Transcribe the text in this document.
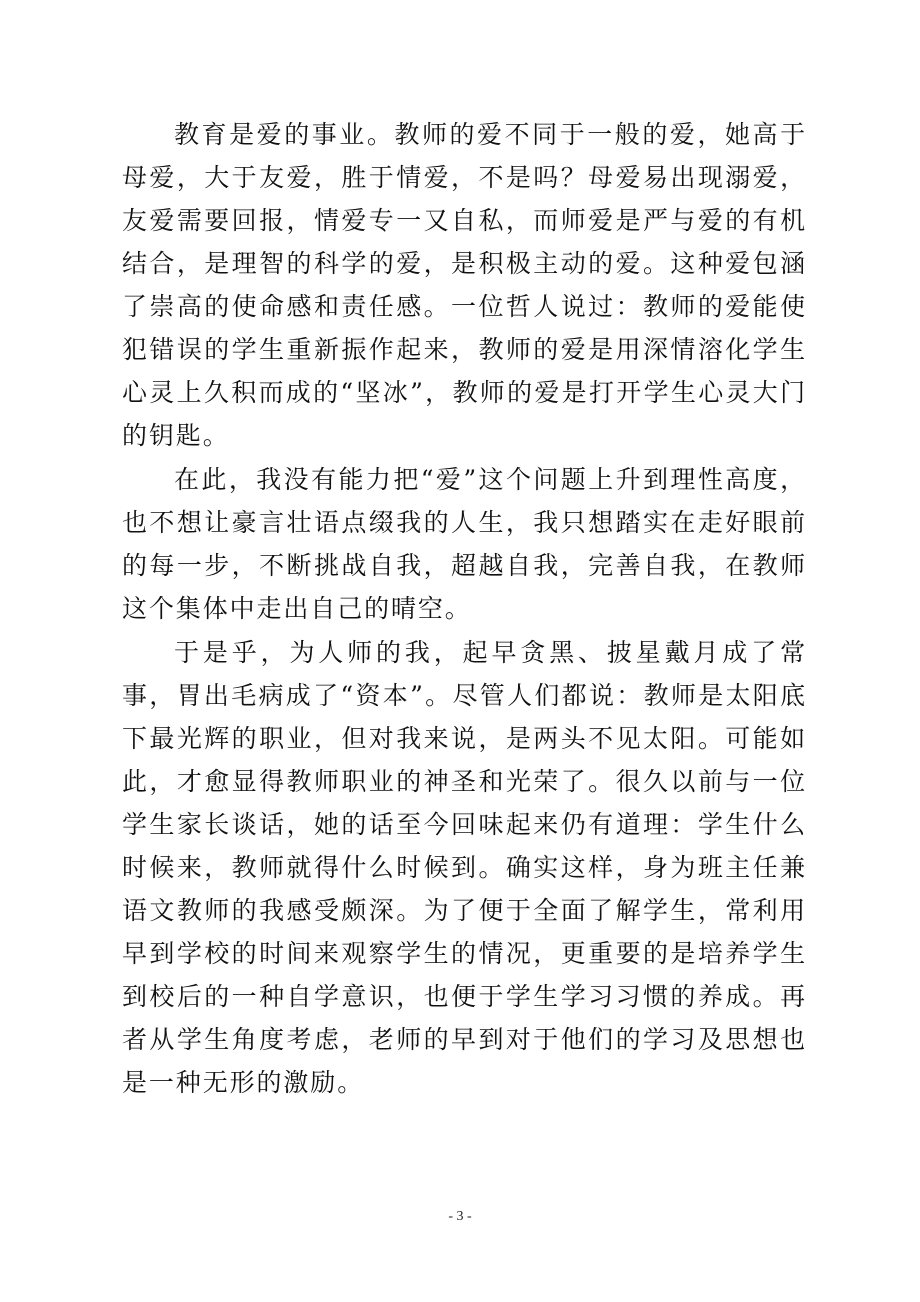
教育是爱的事业。教师的爱不同于一般的爱，她高于母爱，大于友爱，胜于情爱，不是吗？母爱易出现溺爱，友爱需要回报，情爱专一又自私，而师爱是严与爱的有机结合，是理智的科学的爱，是积极主动的爱。这种爱包涵了崇高的使命感和责任感。一位哲人说过：教师的爱能使犯错误的学生重新振作起来，教师的爱是用深情溶化学生心灵上久积而成的“坚冰”，教师的爱是打开学生心灵大门的钥匙。

在此，我没有能力把“爱”这个问题上升到理性高度，也不想让豪言壮语点缀我的人生，我只想踏实在走好眼前的每一步，不断挑战自我，超越自我，完善自我，在教师这个集体中走出自己的晴空。

于是乎，为人师的我，起早贪黑、披星戴月成了常事，胃出毛病成了“资本”。尽管人们都说：教师是太阳底下最光辉的职业，但对我来说，是两头不见太阳。可能如此，才愈显得教师职业的神圣和光荣了。很久以前与一位学生家长谈话，她的话至今回味起来仍有道理：学生什么时候来，教师就得什么时候到。确实这样，身为班主任兼语文教师的我感受颇深。为了便于全面了解学生，常利用早到学校的时间来观察学生的情况，更重要的是培养学生到校后的一种自学意识，也便于学生学习习惯的养成。再者从学生角度考虑，老师的早到对于他们的学习及思想也是一种无形的激励。

- 3 -
